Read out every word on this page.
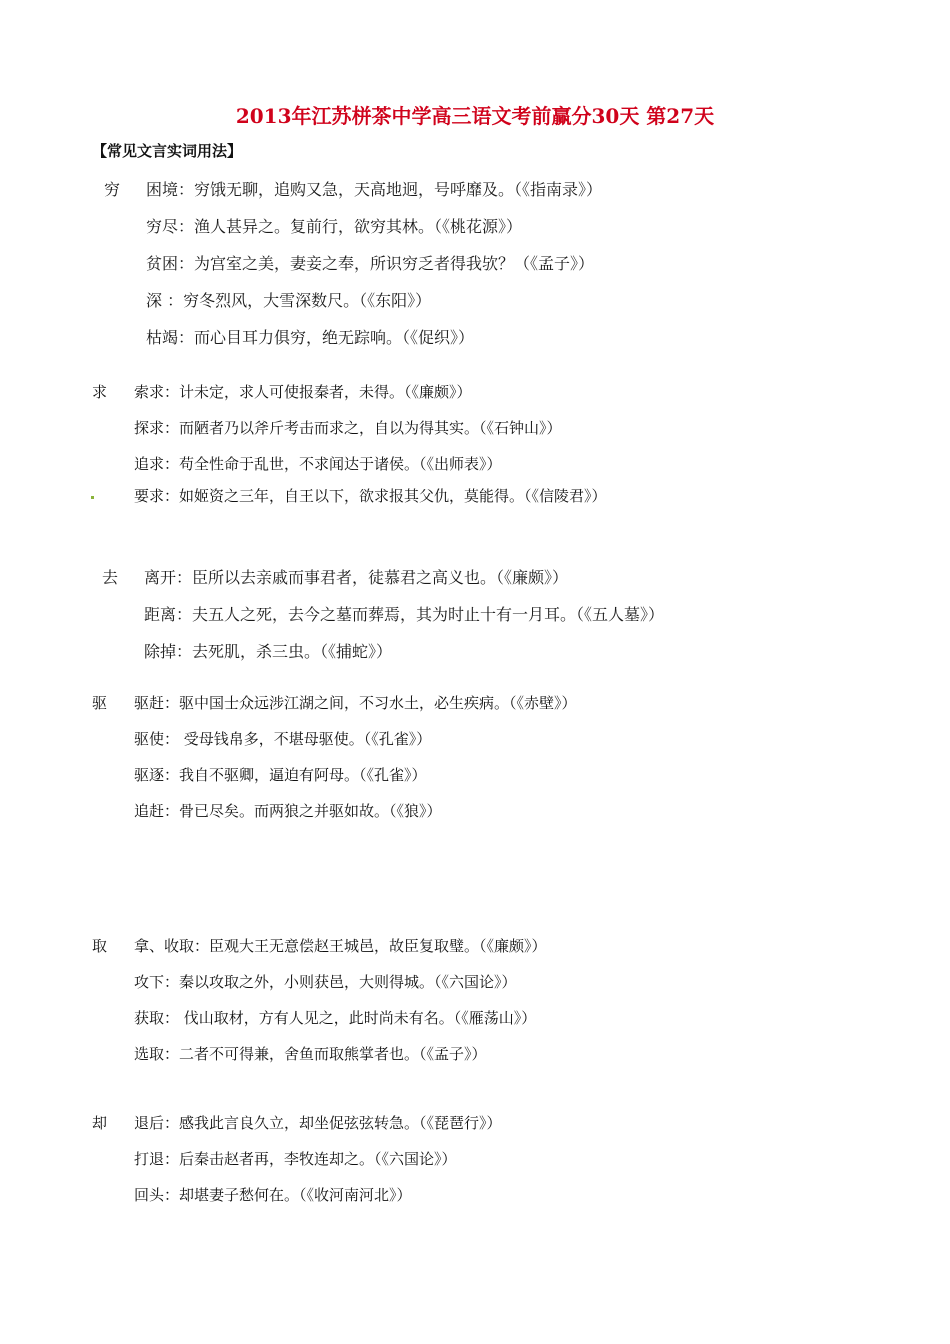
2013年江苏栟茶中学高三语文考前赢分30天 第27天
【常见文言实词用法】
穷 困境：穷饿无聊，追购又急，天高地迥，号呼靡及。（《指南录》）
穷尽：渔人甚异之。复前行，欲穷其林。（《桃花源》）
贫困：为宫室之美，妻妾之奉，所识穷乏者得我欤？（《孟子》）
深 ：穷冬烈风，大雪深数尺。（《东阳》）
枯竭：而心目耳力俱穷，绝无踪响。（《促织》）
求 索求：计未定，求人可使报秦者，未得。（《廉颇》）
探求：而陋者乃以斧斤考击而求之，自以为得其实。（《石钟山》）
追求：苟全性命于乱世，不求闻达于诸侯。（《出师表》）
要求：如姬资之三年，自王以下，欲求报其父仇，莫能得。（《信陵君》）
去 离开：臣所以去亲戚而事君者，徒慕君之高义也。（《廉颇》）
距离：夫五人之死，去今之墓而葬焉，其为时止十有一月耳。（《五人墓》）
除掉：去死肌，杀三虫。（《捕蛇》）
驱 驱赶：驱中国士众远涉江湖之间，不习水土，必生疾病。（《赤壁》）
驱使： 受母钱帛多，不堪母驱使。（《孔雀》）
驱逐：我自不驱卿，逼迫有阿母。（《孔雀》）
追赶：骨已尽矣。而两狼之并驱如故。（《狼》）
取 拿、收取：臣观大王无意偿赵王城邑，故臣复取璧。（《廉颇》）
攻下：秦以攻取之外，小则获邑，大则得城。（《六国论》）
获取： 伐山取材，方有人见之，此时尚未有名。（《雁荡山》）
选取：二者不可得兼，舍鱼而取熊掌者也。（《孟子》）
却 退后：感我此言良久立，却坐促弦弦转急。（《琵琶行》）
打退：后秦击赵者再，李牧连却之。（《六国论》）
回头：却堪妻子愁何在。（《收河南河北》）
